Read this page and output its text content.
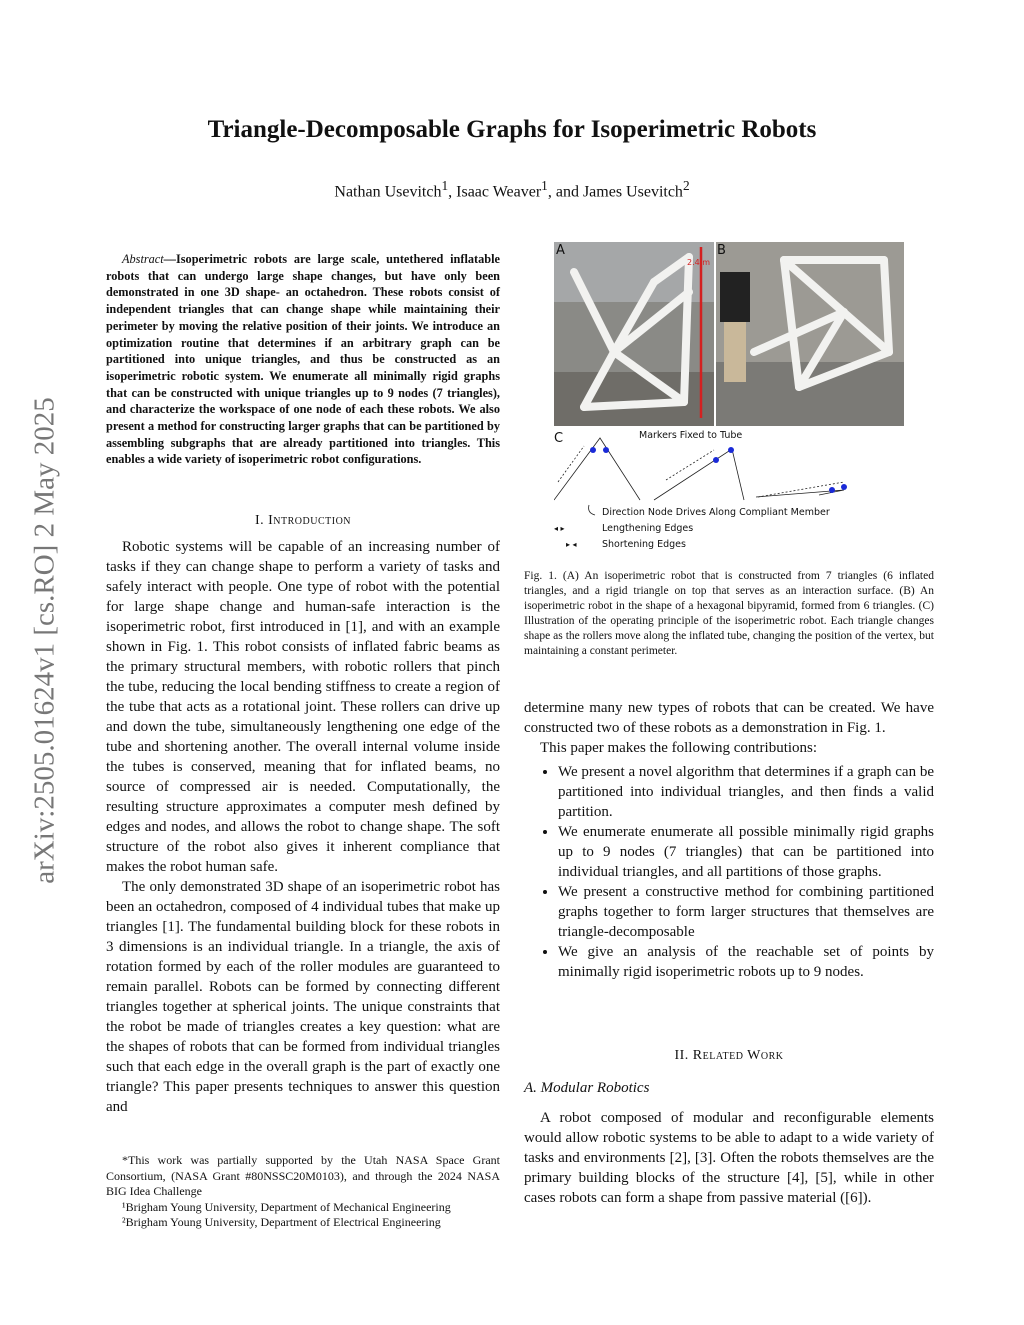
arXiv:2505.01624v1 [cs.RO] 2 May 2025
Triangle-Decomposable Graphs for Isoperimetric Robots
Nathan Usevitch$^1$, Isaac Weaver$^1$, and James Usevitch$^2$
Abstract—Isoperimetric robots are large scale, untethered inflatable robots that can undergo large shape changes, but have only been demonstrated in one 3D shape- an octahedron. These robots consist of independent triangles that can change shape while maintaining their perimeter by moving the relative position of their joints. We introduce an optimization routine that determines if an arbitrary graph can be partitioned into unique triangles, and thus be constructed as an isoperimetric robotic system. We enumerate all minimally rigid graphs that can be constructed with unique triangles up to 9 nodes (7 triangles), and characterize the workspace of one node of each these robots. We also present a method for constructing larger graphs that can be partitioned by assembling subgraphs that are already partitioned into triangles. This enables a wide variety of isoperimetric robot configurations.

I. Introduction

Robotic systems will be capable of an increasing number of tasks if they can change shape to perform a variety of tasks and safely interact with people. One type of robot with the potential for large shape change and human-safe interaction is the isoperimetric robot, first introduced in [1], and with an example shown in Fig. 1. This robot consists of inflated fabric beams as the primary structural members, with robotic rollers that pinch the tube, reducing the local bending stiffness to create a region of the tube that acts as a rotational joint. These rollers can drive up and down the tube, simultaneously lengthening one edge of the tube and shortening another. The overall internal volume inside the tubes is conserved, meaning that for inflated beams, no source of compressed air is needed. Computationally, the resulting structure approximates a computer mesh defined by edges and nodes, and allows the robot to change shape. The soft structure of the robot also gives it inherent compliance that makes the robot human safe.

The only demonstrated 3D shape of an isoperimetric robot has been an octahedron, composed of 4 individual tubes that make up triangles [1]. The fundamental building block for these robots in 3 dimensions is an individual triangle. In a triangle, the axis of rotation formed by each of the roller modules are guaranteed to remain parallel. Robots can be formed by connecting different triangles together at spherical joints. The unique constraints that the robot be made of triangles creates a key question: what are the shapes of robots that can be formed from individual triangles such that each edge in the overall graph is the part of exactly one triangle? This paper presents techniques to answer this question and

*This work was partially supported by the Utah NASA Space Grant Consortium, (NASA Grant #80NSSC20M0103), and through the 2024 NASA BIG Idea Challenge
¹Brigham Young University, Department of Mechanical Engineering
²Brigham Young University, Department of Electrical Engineering
2.4 m
A	B
C	Markers Fixed to Tube
Direction Node Drives Along Compliant Member
Lengthening Edges
Shortening Edges
◂ ▸
▸ ◂
Fig. 1. (A) An isoperimetric robot that is constructed from 7 triangles (6 inflated triangles, and a rigid triangle on top that serves as an interaction surface. (B) An isoperimetric robot in the shape of a hexagonal bipyramid, formed from 6 triangles. (C) Illustration of the operating principle of the isoperimetric robot. Each triangle changes shape as the rollers move along the inflated tube, changing the position of the vertex, but maintaining a constant perimeter.

determine many new types of robots that can be created. We have constructed two of these robots as a demonstration in Fig. 1.

This paper makes the following contributions:

• We present a novel algorithm that determines if a graph can be partitioned into individual triangles, and then finds a valid partition.
• We enumerate enumerate all possible minimally rigid graphs up to 9 nodes (7 triangles) that can be partitioned into individual triangles, and all partitions of those graphs.
• We present a constructive method for combining partitioned graphs together to form larger structures that themselves are triangle-decomposable
• We give an analysis of the reachable set of points by minimally rigid isoperimetric robots up to 9 nodes.

II. Related Work

A. Modular Robotics

A robot composed of modular and reconfigurable elements would allow robotic systems to be able to adapt to a wide variety of tasks and environments [2], [3]. Often the robots themselves are the primary building blocks of the structure [4], [5], while in other cases robots can form a shape from passive material ([6]).
